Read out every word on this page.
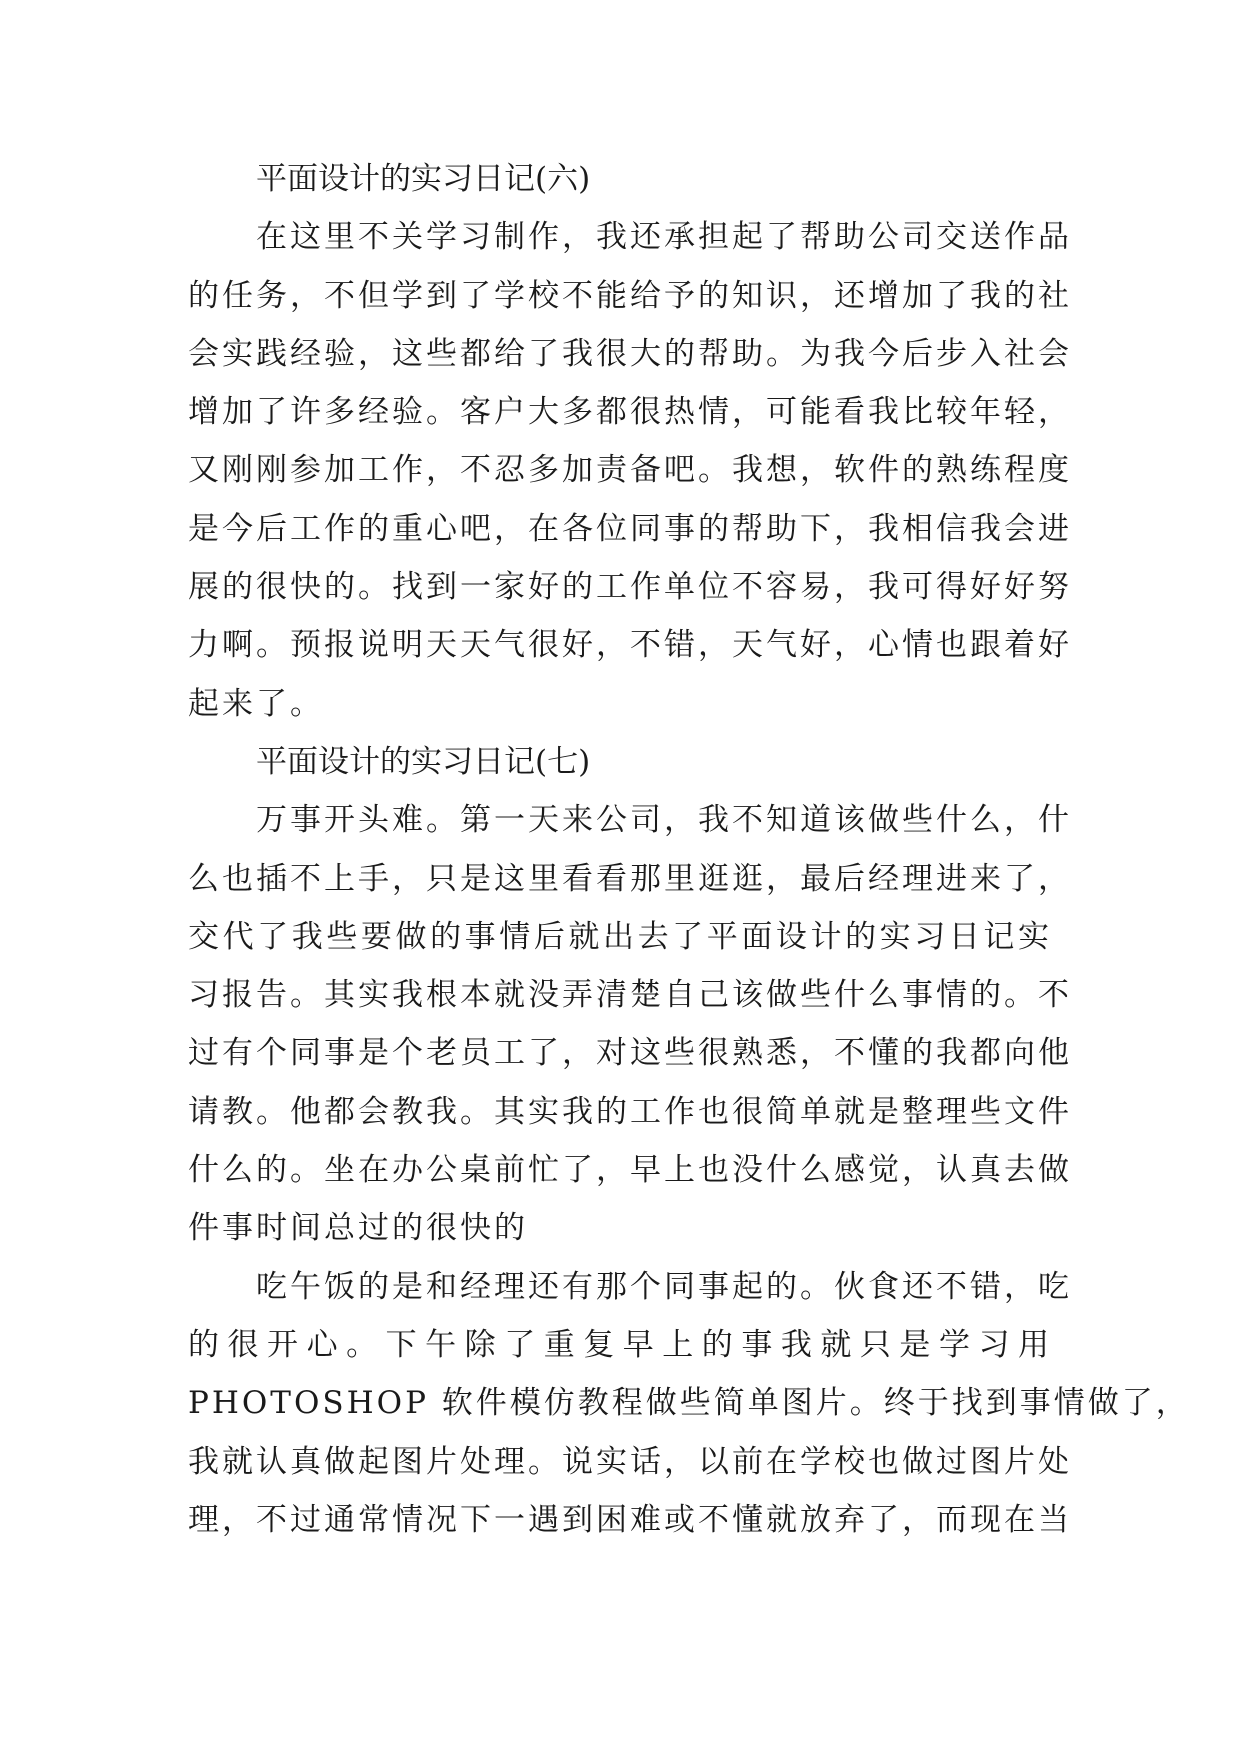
平面设计的实习日记(六)

在这里不关学习制作，我还承担起了帮助公司交送作品

的任务，不但学到了学校不能给予的知识，还增加了我的社

会实践经验，这些都给了我很大的帮助。为我今后步入社会

增加了许多经验。客户大多都很热情，可能看我比较年轻，

又刚刚参加工作，不忍多加责备吧。我想，软件的熟练程度

是今后工作的重心吧，在各位同事的帮助下，我相信我会进

展的很快的。找到一家好的工作单位不容易，我可得好好努

力啊。预报说明天天气很好，不错，天气好，心情也跟着好

起来了。

平面设计的实习日记(七)

万事开头难。第一天来公司，我不知道该做些什么，什

么也插不上手，只是这里看看那里逛逛，最后经理进来了，

交代了我些要做的事情后就出去了平面设计的实习日记实

习报告。其实我根本就没弄清楚自己该做些什么事情的。不

过有个同事是个老员工了，对这些很熟悉，不懂的我都向他

请教。他都会教我。其实我的工作也很简单就是整理些文件

什么的。坐在办公桌前忙了，早上也没什么感觉，认真去做

件事时间总过的很快的

吃午饭的是和经理还有那个同事起的。伙食还不错，吃

的很开心。下午除了重复早上的事我就只是学习用

PHOTOSHOP 软件模仿教程做些简单图片。终于找到事情做了，

我就认真做起图片处理。说实话，以前在学校也做过图片处

理，不过通常情况下一遇到困难或不懂就放弃了，而现在当
